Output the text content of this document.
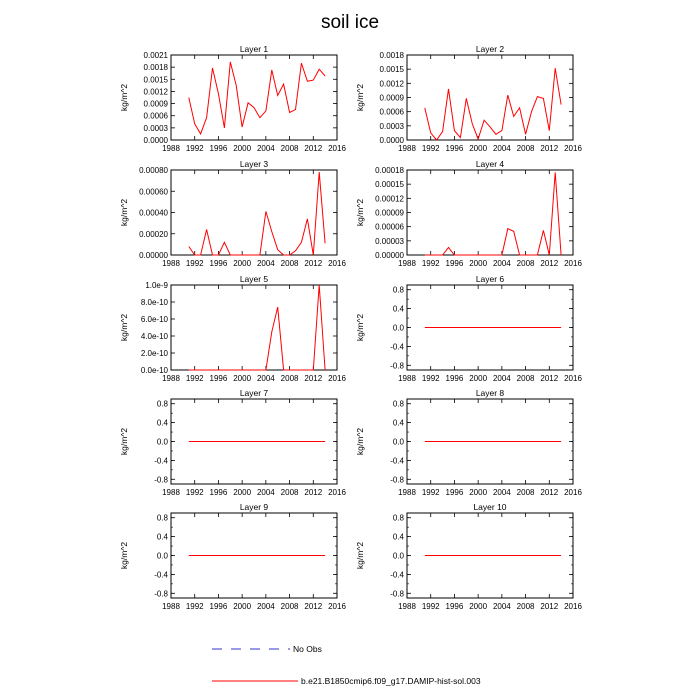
soil ice
Layer 1
kg/m^2
1988 1992 1996 2000 2004 2008 2012 2016
0.0000
0.0003
0.0006
0.0009
0.0012
0.0015
0.0018
0.0021
Layer 2
kg/m^2
1988 1992 1996 2000 2004 2008 2012 2016
0.0000
0.0003
0.0006
0.0009
0.0012
0.0015
0.0018
Layer 3
kg/m^2
1988 1992 1996 2000 2004 2008 2012 2016
0.00000
0.00020
0.00040
0.00060
0.00080
Layer 4
kg/m^2
1988 1992 1996 2000 2004 2008 2012 2016
0.00000
0.00003
0.00006
0.00009
0.00012
0.00015
0.00018
Layer 5
kg/m^2
1988 1992 1996 2000 2004 2008 2012 2016
0.0e-10
2.0e-10
4.0e-10
6.0e-10
8.0e-10
1.0e-9
Layer 6
kg/m^2
1988 1992 1996 2000 2004 2008 2012 2016
-0.8
-0.4
0.0
0.4
0.8
Layer 7
kg/m^2
1988 1992 1996 2000 2004 2008 2012 2016
-0.8
-0.4
0.0
0.4
0.8
Layer 8
kg/m^2
1988 1992 1996 2000 2004 2008 2012 2016
-0.8
-0.4
0.0
0.4
0.8
Layer 9
kg/m^2
1988 1992 1996 2000 2004 2008 2012 2016
-0.8
-0.4
0.0
0.4
0.8
Layer 10
kg/m^2
1988 1992 1996 2000 2004 2008 2012 2016
-0.8
-0.4
0.0
0.4
0.8
No Obs
b.e21.B1850cmip6.f09_g17.DAMIP-hist-sol.003
